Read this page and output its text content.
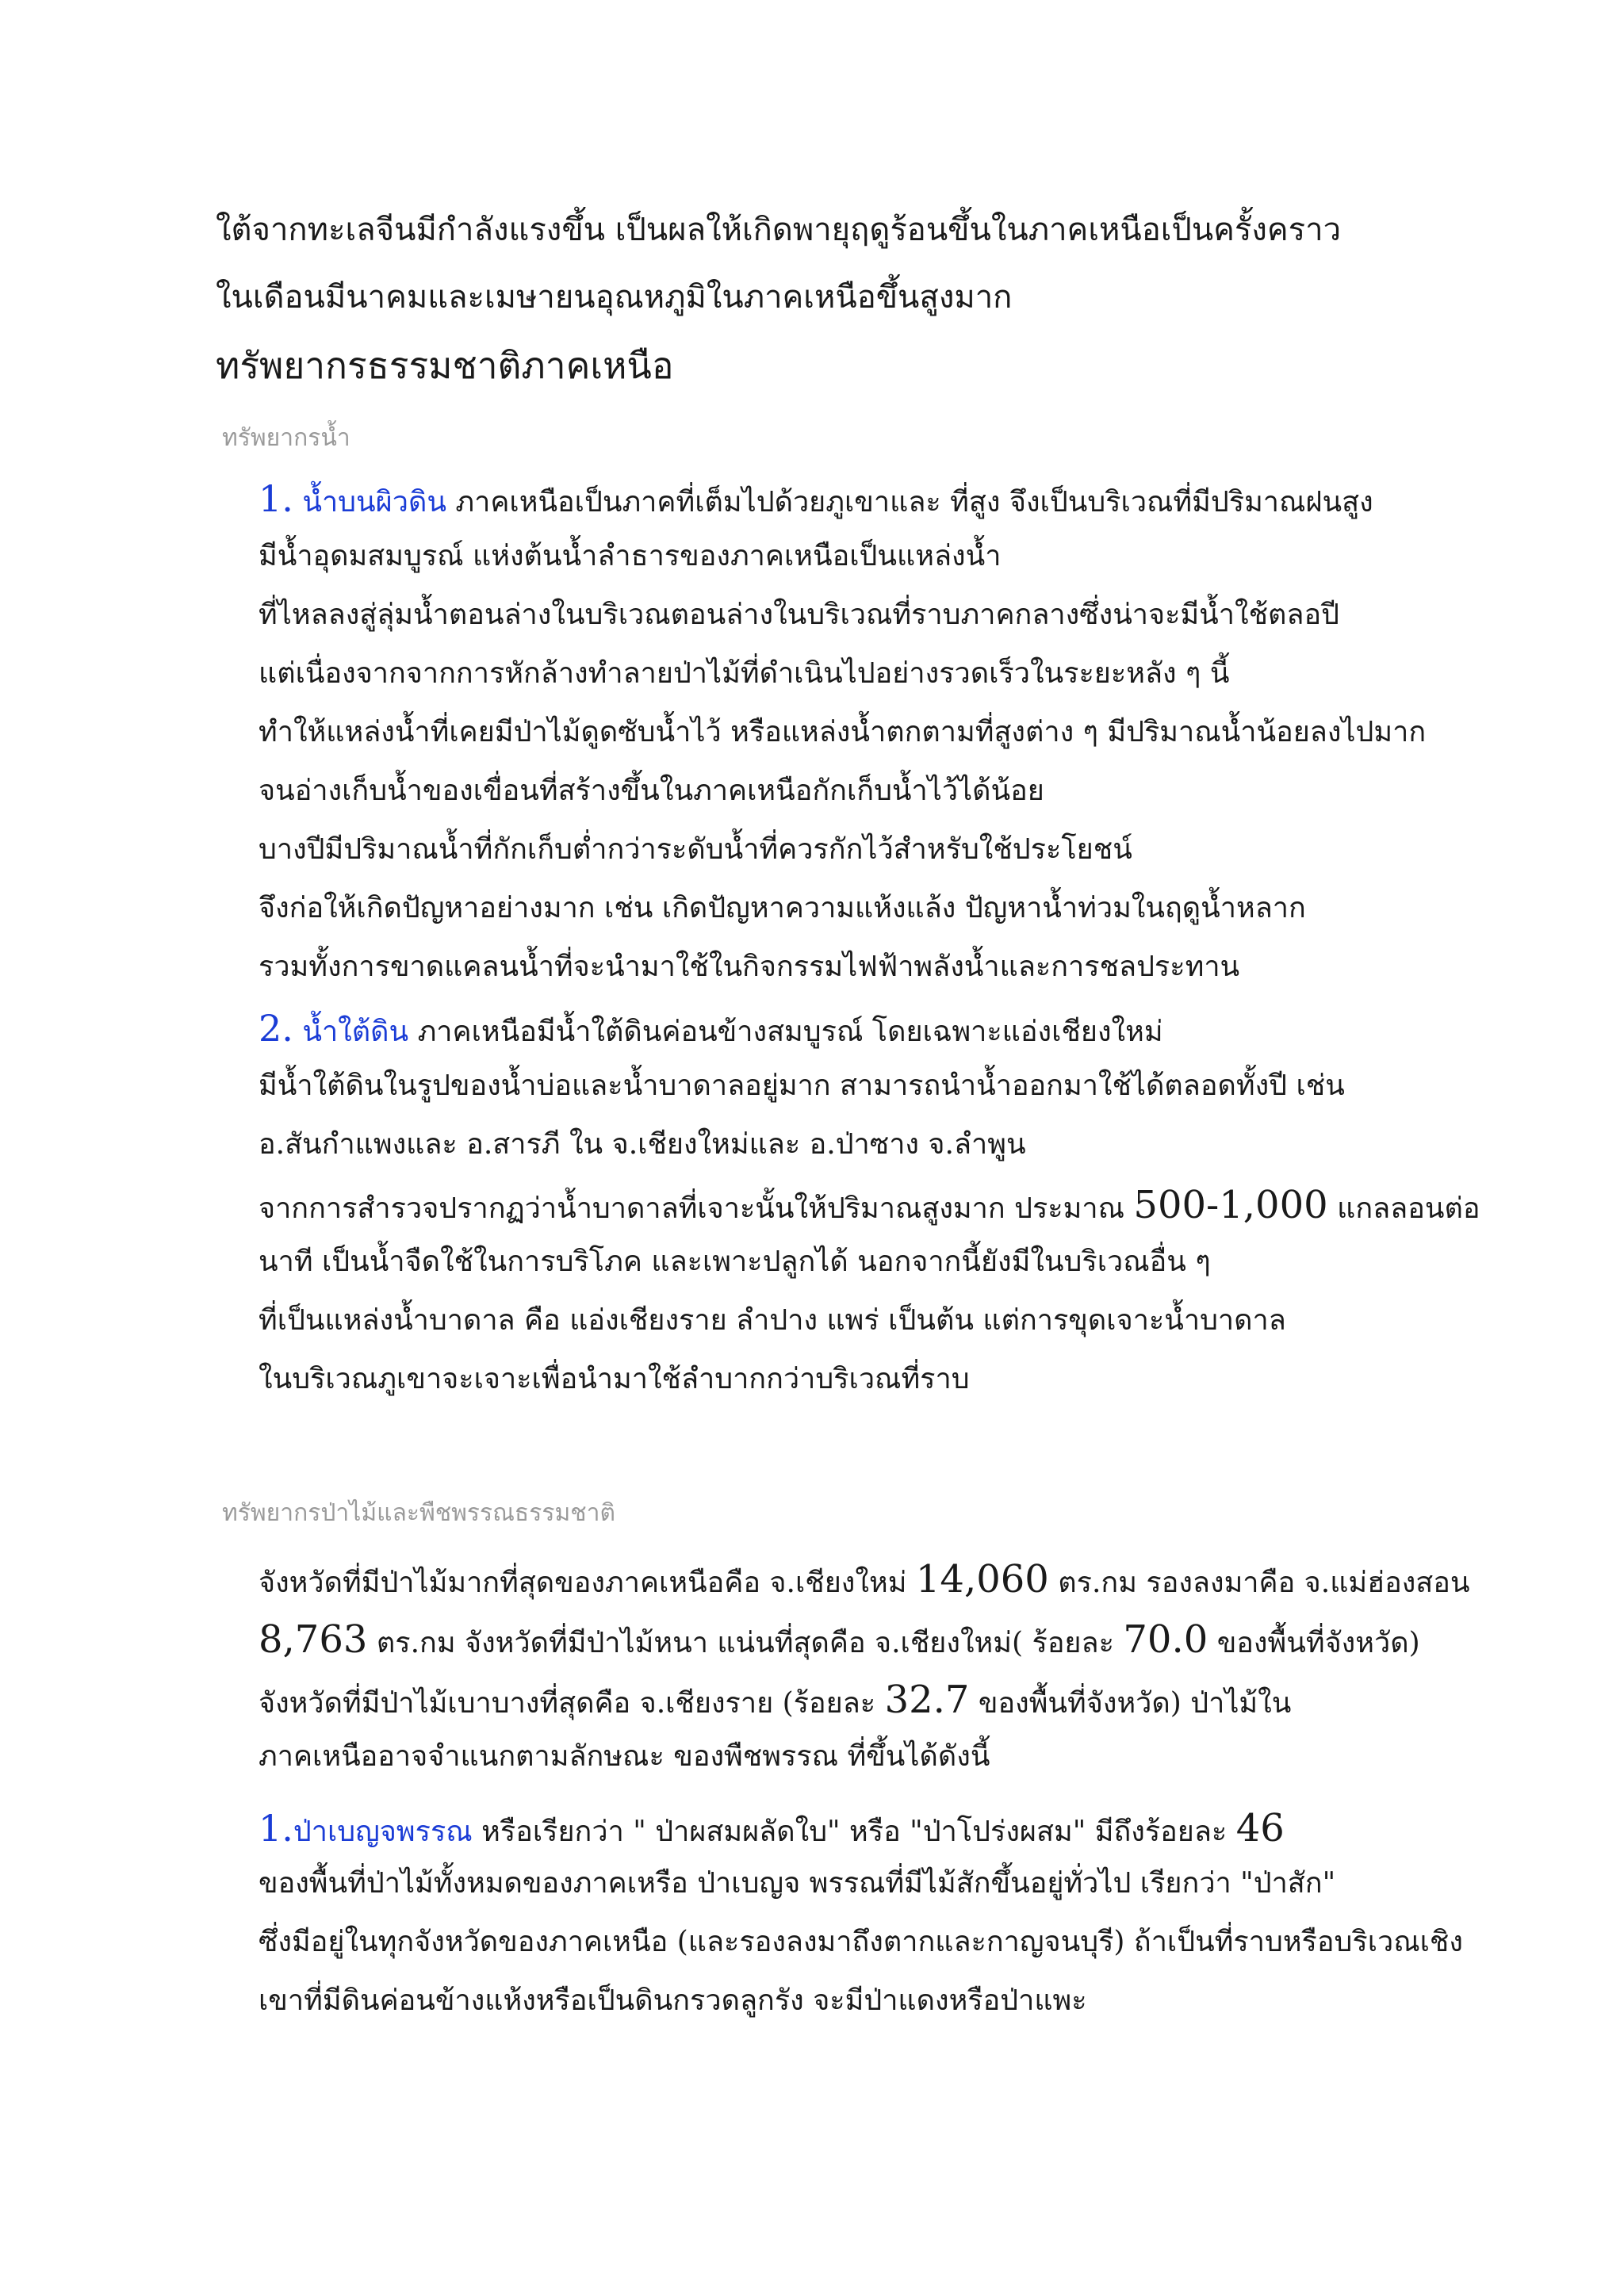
ใต้จากทะเลจีนมีกำลังแรงขึ้น เป็นผลให้เกิดพายุฤดูร้อนขึ้นในภาคเหนือเป็นครั้งคราว
ในเดือนมีนาคมและเมษายนอุณหภูมิในภาคเหนือขึ้นสูงมาก
ทรัพยากรธรรมชาติภาคเหนือ
ทรัพยากรน้ำ
1. น้ำบนผิวดิน ภาคเหนือเป็นภาคที่เต็มไปด้วยภูเขาและ ที่สูง จึงเป็นบริเวณที่มีปริมาณฝนสูง
มีน้ำอุดมสมบูรณ์ แห่งต้นน้ำลำธารของภาคเหนือเป็นแหล่งน้ำ
ที่ไหลลงสู่ลุ่มน้ำตอนล่างในบริเวณตอนล่างในบริเวณที่ราบภาคกลางซึ่งน่าจะมีน้ำใช้ตลอปี
แต่เนื่องจากจากการหักล้างทำลายป่าไม้ที่ดำเนินไปอย่างรวดเร็วในระยะหลัง ๆ นี้
ทำให้แหล่งน้ำที่เคยมีป่าไม้ดูดซับน้ำไว้ หรือแหล่งน้ำตกตามที่สูงต่าง ๆ มีปริมาณน้ำน้อยลงไปมาก
จนอ่างเก็บน้ำของเขื่อนที่สร้างขึ้นในภาคเหนือกักเก็บน้ำไว้ได้น้อย
บางปีมีปริมาณน้ำที่กักเก็บต่ำกว่าระดับน้ำที่ควรกักไว้สำหรับใช้ประโยชน์
จึงก่อให้เกิดปัญหาอย่างมาก เช่น เกิดปัญหาความแห้งแล้ง ปัญหาน้ำท่วมในฤดูน้ำหลาก
รวมทั้งการขาดแคลนน้ำที่จะนำมาใช้ในกิจกรรมไฟฟ้าพลังน้ำและการชลประทาน
2. น้ำใต้ดิน ภาคเหนือมีน้ำใต้ดินค่อนข้างสมบูรณ์ โดยเฉพาะแอ่งเชียงใหม่
มีน้ำใต้ดินในรูปของน้ำบ่อและน้ำบาดาลอยู่มาก สามารถนำน้ำออกมาใช้ได้ตลอดทั้งปี เช่น
อ.สันกำแพงและ อ.สารภี ใน จ.เชียงใหม่และ อ.ป่าซาง จ.ลำพูน
จากการสำรวจปรากฏว่าน้ำบาดาลที่เจาะนั้นให้ปริมาณสูงมาก ประมาณ 500-1,000 แกลลอนต่อ
นาที เป็นน้ำจืดใช้ในการบริโภค และเพาะปลูกได้ นอกจากนี้ยังมีในบริเวณอื่น ๆ
ที่เป็นแหล่งน้ำบาดาล คือ แอ่งเชียงราย ลำปาง แพร่ เป็นต้น แต่การขุดเจาะน้ำบาดาล
ในบริเวณภูเขาจะเจาะเพื่อนำมาใช้ลำบากกว่าบริเวณที่ราบ
ทรัพยากรป่าไม้และพืชพรรณธรรมชาติ
จังหวัดที่มีป่าไม้มากที่สุดของภาคเหนือคือ จ.เชียงใหม่ 14,060 ตร.กม รองลงมาคือ จ.แม่ฮ่องสอน
8,763 ตร.กม จังหวัดที่มีป่าไม้หนา แน่นที่สุดคือ จ.เชียงใหม่( ร้อยละ 70.0 ของพื้นที่จังหวัด)
จังหวัดที่มีป่าไม้เบาบางที่สุดคือ จ.เชียงราย (ร้อยละ 32.7 ของพื้นที่จังหวัด) ป่าไม้ใน
ภาคเหนืออาจจำแนกตามลักษณะ ของพืชพรรณ ที่ขึ้นได้ดังนี้
1.ป่าเบญจพรรณ หรือเรียกว่า " ป่าผสมผลัดใบ" หรือ "ป่าโปร่งผสม" มีถึงร้อยละ 46
ของพื้นที่ป่าไม้ทั้งหมดของภาคเหรือ ป่าเบญจ พรรณที่มีไม้สักขึ้นอยู่ทั่วไป เรียกว่า "ป่าสัก"
ซึ่งมีอยู่ในทุกจังหวัดของภาคเหนือ (และรองลงมาถึงตากและกาญจนบุรี) ถ้าเป็นที่ราบหรือบริเวณเชิง
เขาที่มีดินค่อนข้างแห้งหรือเป็นดินกรวดลูกรัง จะมีป่าแดงหรือป่าแพะ
